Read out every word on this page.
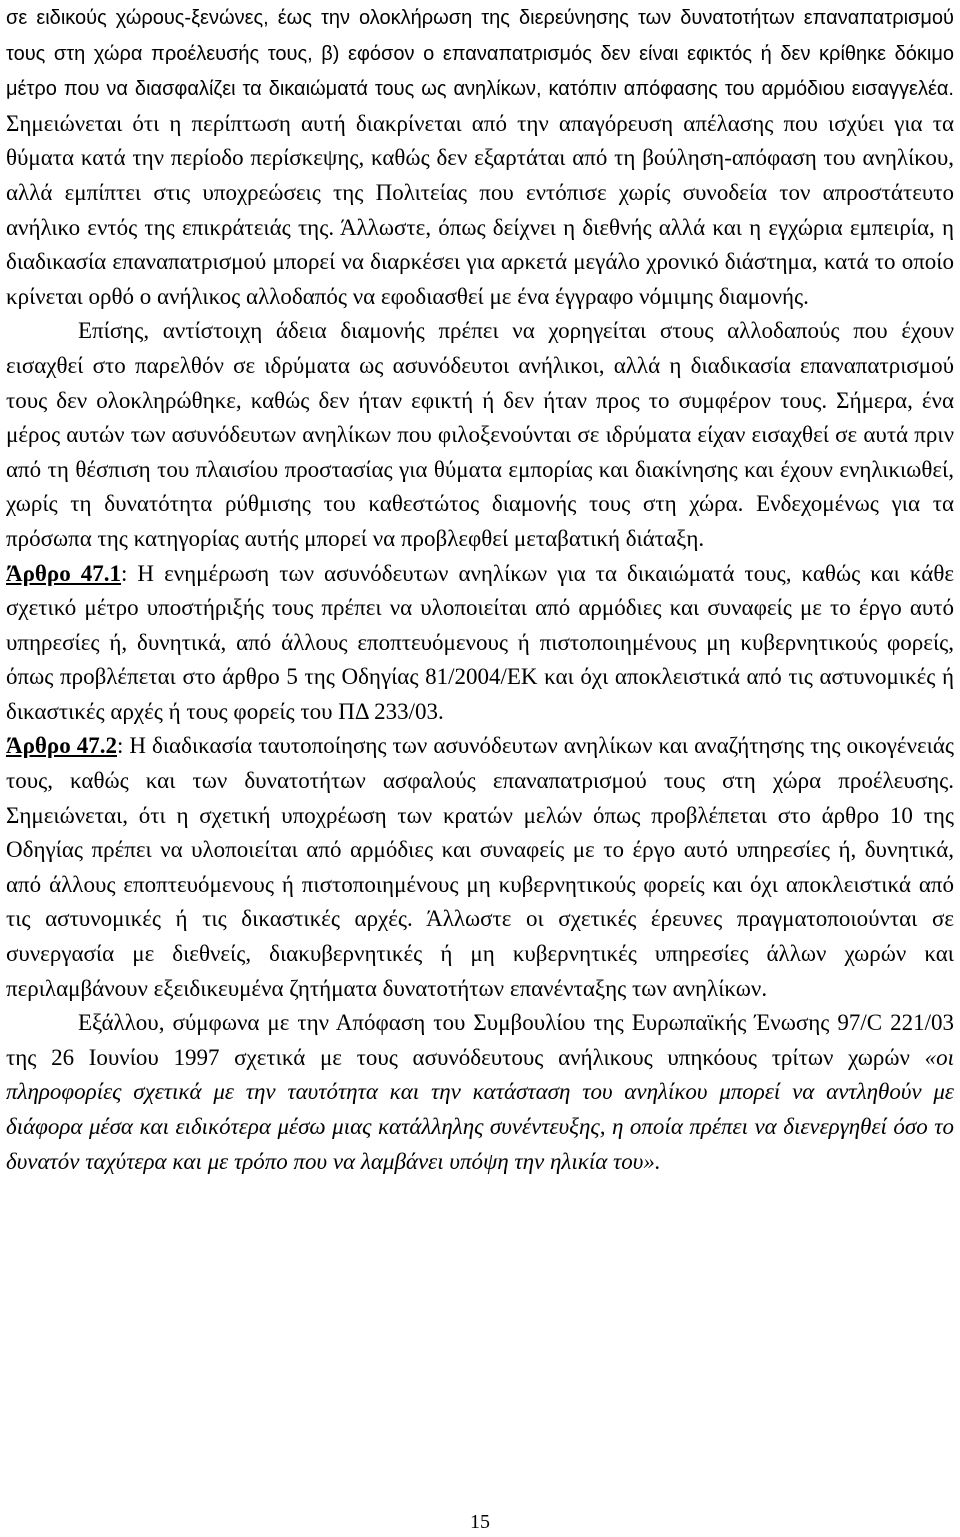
σε ειδικούς χώρους-ξενώνες, έως την ολοκλήρωση της διερεύνησης των δυνατοτήτων επαναπατρισμού τους στη χώρα προέλευσής τους, β) εφόσον ο επαναπατρισμός δεν είναι εφικτός ή δεν κρίθηκε δόκιμο μέτρο που να διασφαλίζει τα δικαιώματά τους ως ανηλίκων, κατόπιν απόφασης του αρμόδιου εισαγγελέα. Σημειώνεται ότι η περίπτωση αυτή διακρίνεται από την απαγόρευση απέλασης που ισχύει για τα θύματα κατά την περίοδο περίσκεψης, καθώς δεν εξαρτάται από τη βούληση-απόφαση του ανηλίκου, αλλά εμπίπτει στις υποχρεώσεις της Πολιτείας που εντόπισε χωρίς συνοδεία τον απροστάτευτο ανήλικο εντός της επικράτειάς της. Άλλωστε, όπως δείχνει η διεθνής αλλά και η εγχώρια εμπειρία, η διαδικασία επαναπατρισμού μπορεί να διαρκέσει για αρκετά μεγάλο χρονικό διάστημα, κατά το οποίο κρίνεται ορθό ο ανήλικος αλλοδαπός να εφοδιασθεί με ένα έγγραφο νόμιμης διαμονής.

Επίσης, αντίστοιχη άδεια διαμονής πρέπει να χορηγείται στους αλλοδαπούς που έχουν εισαχθεί στο παρελθόν σε ιδρύματα ως ασυνόδευτοι ανήλικοι, αλλά η διαδικασία επαναπατρισμού τους δεν ολοκληρώθηκε, καθώς δεν ήταν εφικτή ή δεν ήταν προς το συμφέρον τους. Σήμερα, ένα μέρος αυτών των ασυνόδευτων ανηλίκων που φιλοξενούνται σε ιδρύματα είχαν εισαχθεί σε αυτά πριν από τη θέσπιση του πλαισίου προστασίας για θύματα εμπορίας και διακίνησης και έχουν ενηλικιωθεί, χωρίς τη δυνατότητα ρύθμισης του καθεστώτος διαμονής τους στη χώρα. Ενδεχομένως για τα πρόσωπα της κατηγορίας αυτής μπορεί να προβλεφθεί μεταβατική διάταξη.

Άρθρο 47.1: Η ενημέρωση των ασυνόδευτων ανηλίκων για τα δικαιώματά τους, καθώς και κάθε σχετικό μέτρο υποστήριξής τους πρέπει να υλοποιείται από αρμόδιες και συναφείς με το έργο αυτό υπηρεσίες ή, δυνητικά, από άλλους εποπτευόμενους ή πιστοποιημένους μη κυβερνητικούς φορείς, όπως προβλέπεται στο άρθρο 5 της Οδηγίας 81/2004/ΕΚ και όχι αποκλειστικά από τις αστυνομικές ή δικαστικές αρχές ή τους φορείς του ΠΔ 233/03.

Άρθρο 47.2: Η διαδικασία ταυτοποίησης των ασυνόδευτων ανηλίκων και αναζήτησης της οικογένειάς τους, καθώς και των δυνατοτήτων ασφαλούς επαναπατρισμού τους στη χώρα προέλευσης. Σημειώνεται, ότι η σχετική υποχρέωση των κρατών μελών όπως προβλέπεται στο άρθρο 10 της Οδηγίας πρέπει να υλοποιείται από αρμόδιες και συναφείς με το έργο αυτό υπηρεσίες ή, δυνητικά, από άλλους εποπτευόμενους ή πιστοποιημένους μη κυβερνητικούς φορείς και όχι αποκλειστικά από τις αστυνομικές ή τις δικαστικές αρχές. Άλλωστε οι σχετικές έρευνες πραγματοποιούνται σε συνεργασία με διεθνείς, διακυβερνητικές ή μη κυβερνητικές υπηρεσίες άλλων χωρών και περιλαμβάνουν εξειδικευμένα ζητήματα δυνατοτήτων επανένταξης των ανηλίκων.

Εξάλλου, σύμφωνα με την Απόφαση του Συμβουλίου της Ευρωπαϊκής Ένωσης 97/C 221/03 της 26 Ιουνίου 1997 σχετικά με τους ασυνόδευτους ανήλικους υπηκόους τρίτων χωρών «οι πληροφορίες σχετικά με την ταυτότητα και την κατάσταση του ανηλίκου μπορεί να αντληθούν με διάφορα μέσα και ειδικότερα μέσω μιας κατάλληλης συνέντευξης, η οποία πρέπει να διενεργηθεί όσο το δυνατόν ταχύτερα και με τρόπο που να λαμβάνει υπόψη την ηλικία του».

15
